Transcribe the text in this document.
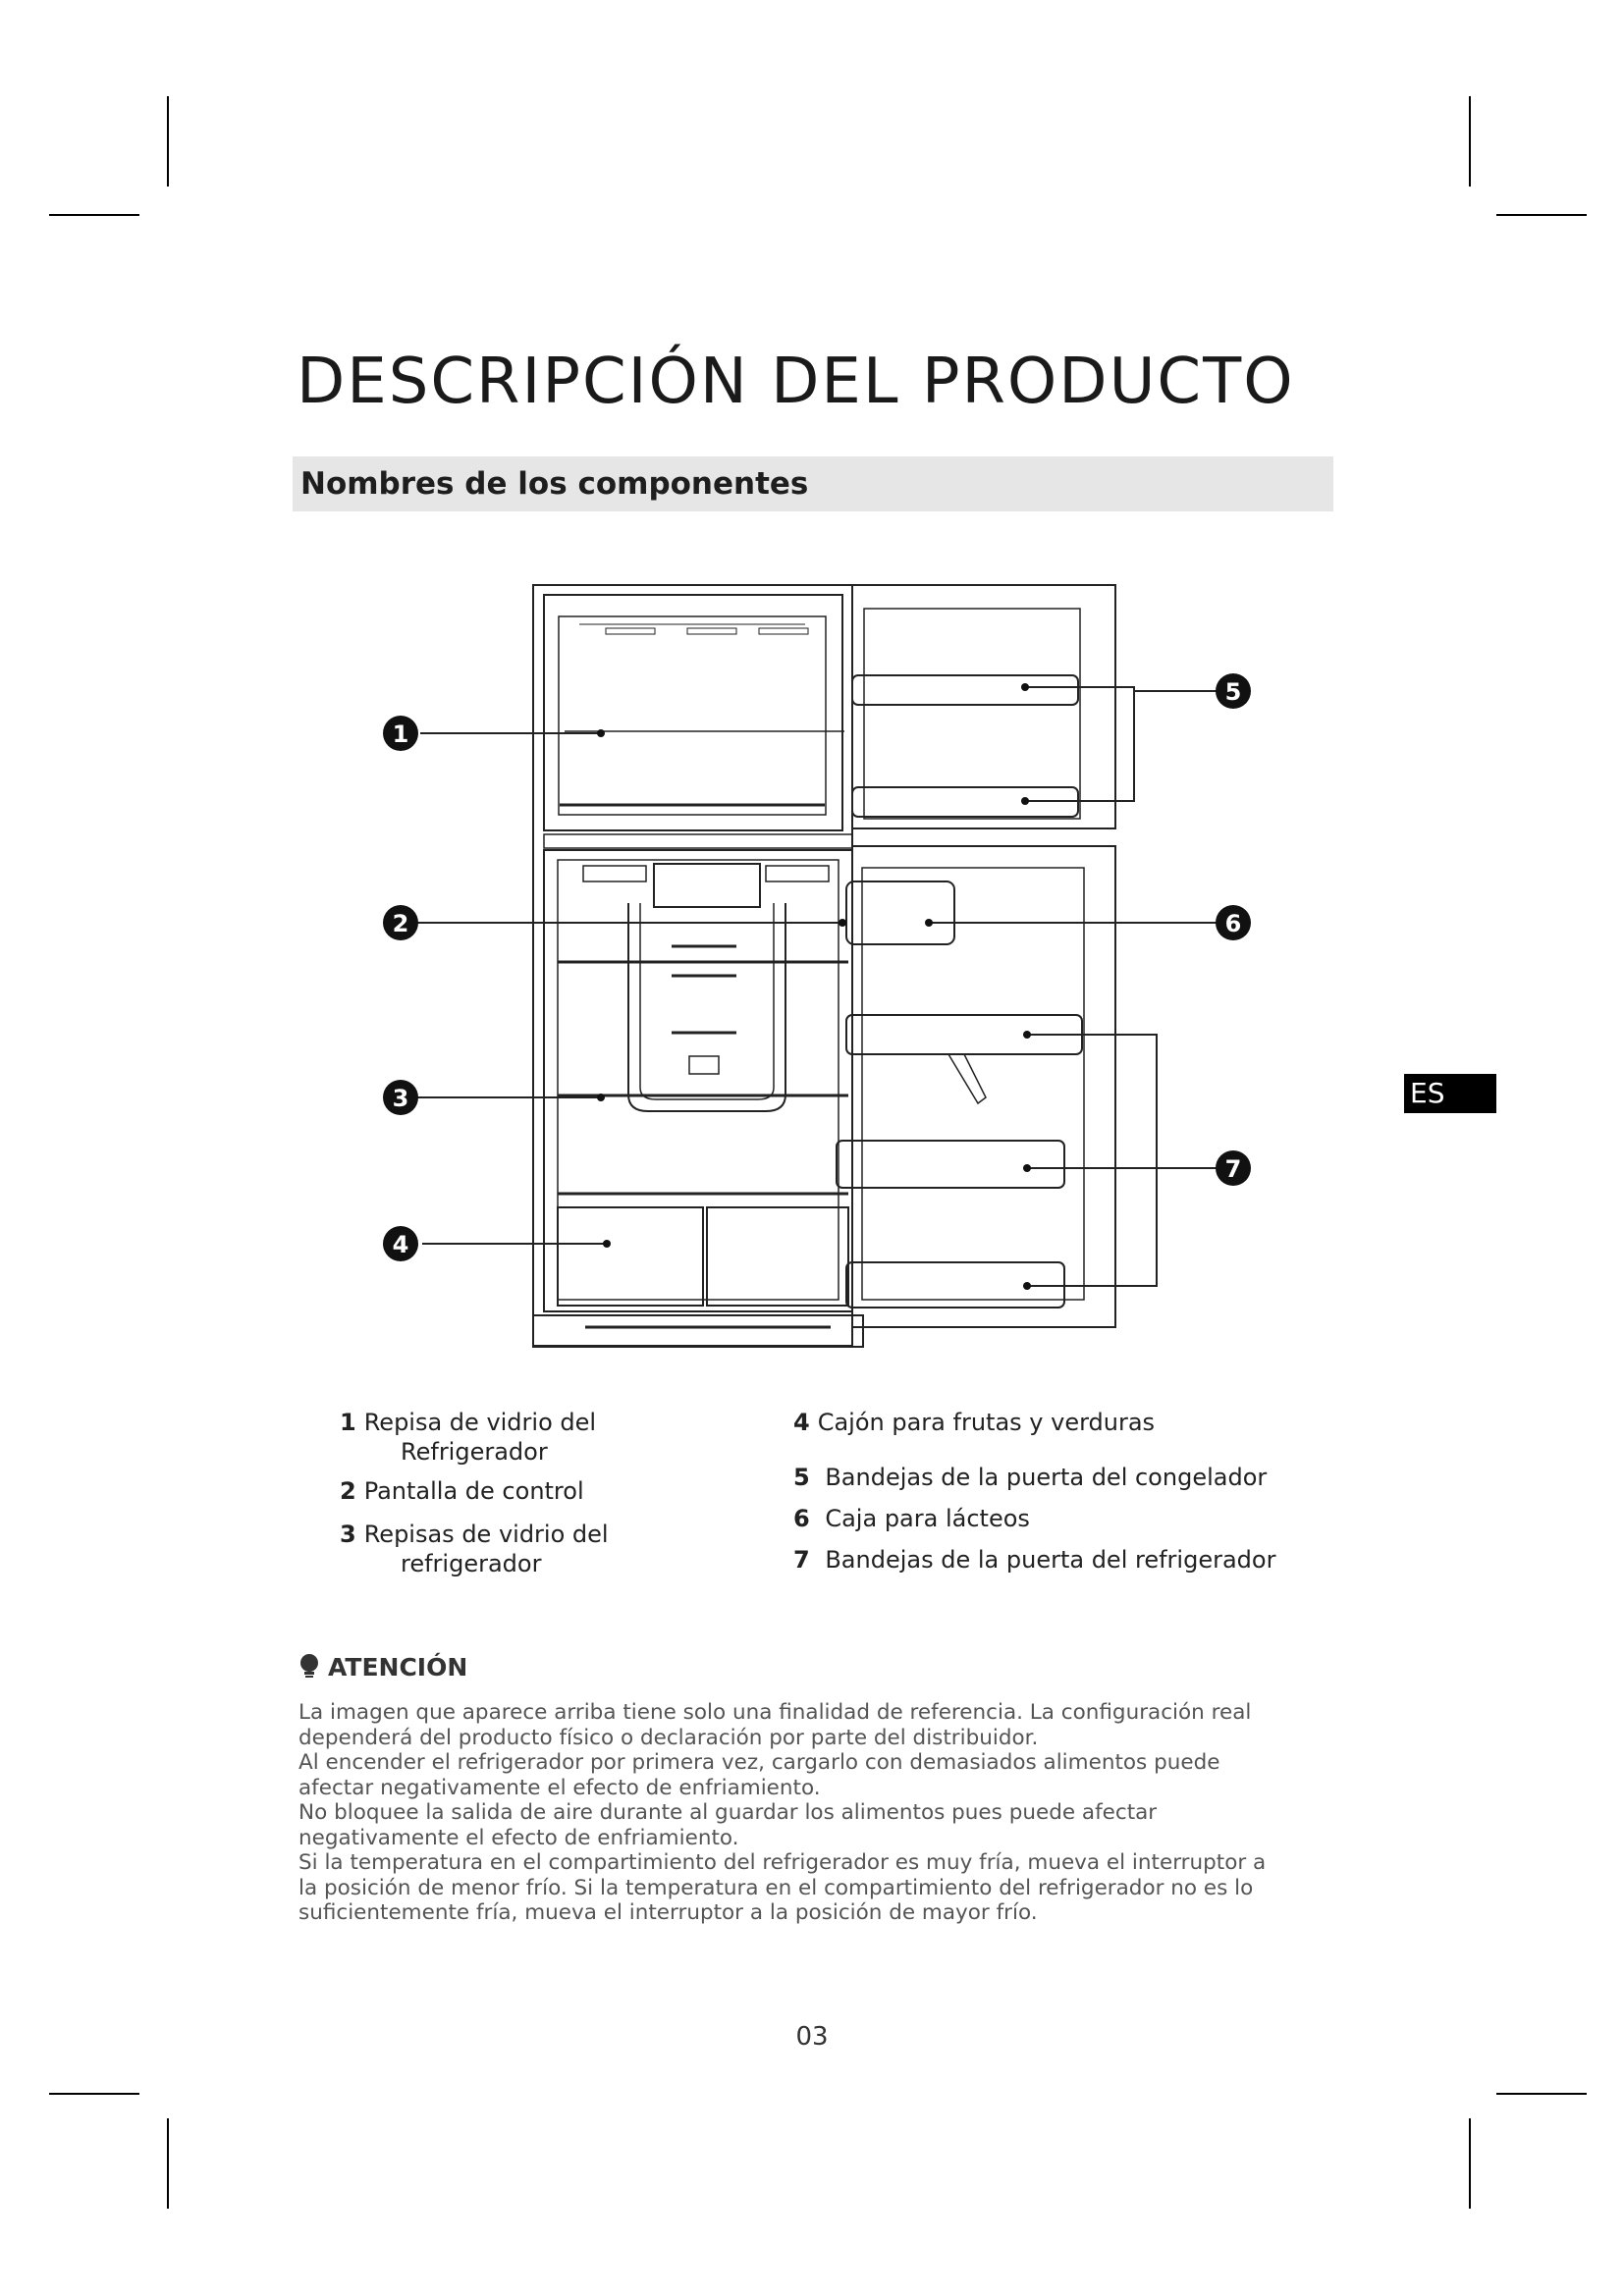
DESCRIPCIÓN DEL PRODUCTO
Nombres de los componentes
ES
1
2
3
4
5
6
7
1 Repisa de vidrio del
Refrigerador
2 Pantalla de control
3 Repisas de vidrio del
refrigerador
4 Cajón para frutas y verduras
5 Bandejas de la puerta del congelador
6 Caja para lácteos
7 Bandejas de la puerta del refrigerador
ATENCIÓN

La imagen que aparece arriba tiene solo una finalidad de referencia. La configuración real

dependerá del producto físico o declaración por parte del distribuidor.

Al encender el refrigerador por primera vez, cargarlo con demasiados alimentos puede

afectar negativamente el efecto de enfriamiento.

No bloquee la salida de aire durante al guardar los alimentos pues puede afectar

negativamente el efecto de enfriamiento.

Si la temperatura en el compartimiento del refrigerador es muy fría, mueva el interruptor a

la posición de menor frío. Si la temperatura en el compartimiento del refrigerador no es lo

suficientemente fría, mueva el interruptor a la posición de mayor frío.

03
